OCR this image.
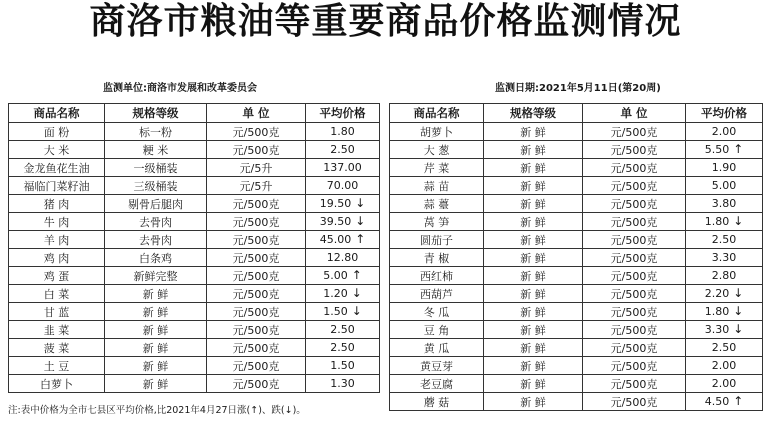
商洛市粮油等重要商品价格监测情况
监测单位:商洛市发展和改革委员会	监测日期:2021年5月11日(第20周)
商品名称	规格等级	单 位	平均价格
面 粉	标一粉	元/500克	1.80
大 米	粳 米	元/500克	2.50
金龙鱼花生油	一级桶装	元/5升	137.00
福临门菜籽油	三级桶装	元/5升	70.00
猪 肉	剔骨后腿肉	元/500克	19.50 ↓
牛 肉	去骨肉	元/500克	39.50 ↓
羊 肉	去骨肉	元/500克	45.00 ↑
鸡 肉	白条鸡	元/500克	12.80
鸡 蛋	新鲜完整	元/500克	5.00 ↑
白 菜	新 鲜	元/500克	1.20 ↓
甘 蓝	新 鲜	元/500克	1.50 ↓
韭 菜	新 鲜	元/500克	2.50
菠 菜	新 鲜	元/500克	2.50
土 豆	新 鲜	元/500克	1.50
白萝卜	新 鲜	元/500克	1.30
商品名称	规格等级	单 位	平均价格
胡萝卜	新 鲜	元/500克	2.00
大 葱	新 鲜	元/500克	5.50 ↑
芹 菜	新 鲜	元/500克	1.90
蒜 苗	新 鲜	元/500克	5.00
蒜 薹	新 鲜	元/500克	3.80
莴 笋	新 鲜	元/500克	1.80 ↓
圆茄子	新 鲜	元/500克	2.50
青 椒	新 鲜	元/500克	3.30
西红柿	新 鲜	元/500克	2.80
西葫芦	新 鲜	元/500克	2.20 ↓
冬 瓜	新 鲜	元/500克	1.80 ↓
豆 角	新 鲜	元/500克	3.30 ↓
黄 瓜	新 鲜	元/500克	2.50
黄豆芽	新 鲜	元/500克	2.00
老豆腐	新 鲜	元/500克	2.00
蘑 菇	新 鲜	元/500克	4.50 ↑
注:表中价格为全市七县区平均价格,比2021年4月27日涨(↑)、跌(↓)。
